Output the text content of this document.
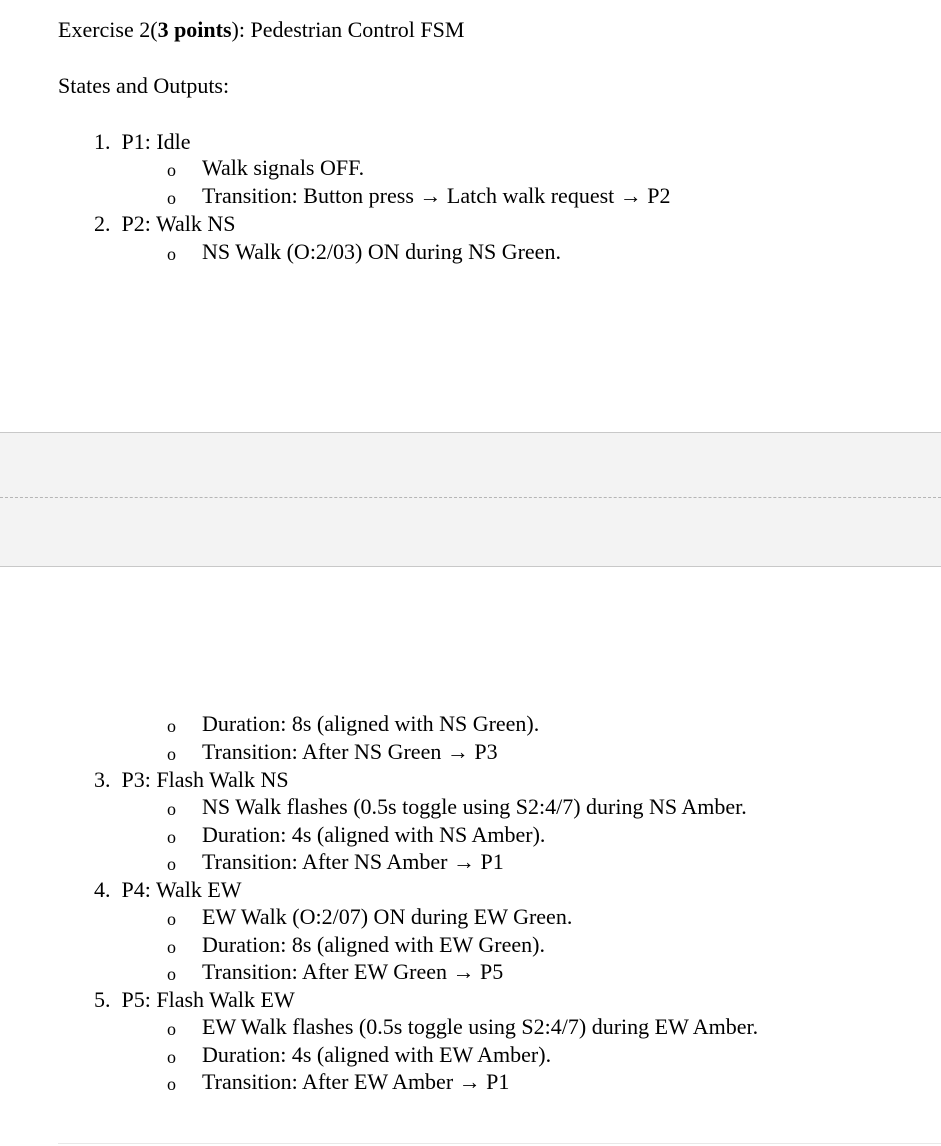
Exercise 2(3 points): Pedestrian Control FSM
States and Outputs:
1. P1: Idle
o Walk signals OFF.
o Transition: Button press → Latch walk request → P2
2. P2: Walk NS
o NS Walk (O:2/03) ON during NS Green.
o Duration: 8s (aligned with NS Green).
o Transition: After NS Green → P3
3. P3: Flash Walk NS
o NS Walk flashes (0.5s toggle using S2:4/7) during NS Amber.
o Duration: 4s (aligned with NS Amber).
o Transition: After NS Amber → P1
4. P4: Walk EW
o EW Walk (O:2/07) ON during EW Green.
o Duration: 8s (aligned with EW Green).
o Transition: After EW Green → P5
5. P5: Flash Walk EW
o EW Walk flashes (0.5s toggle using S2:4/7) during EW Amber.
o Duration: 4s (aligned with EW Amber).
o Transition: After EW Amber → P1
